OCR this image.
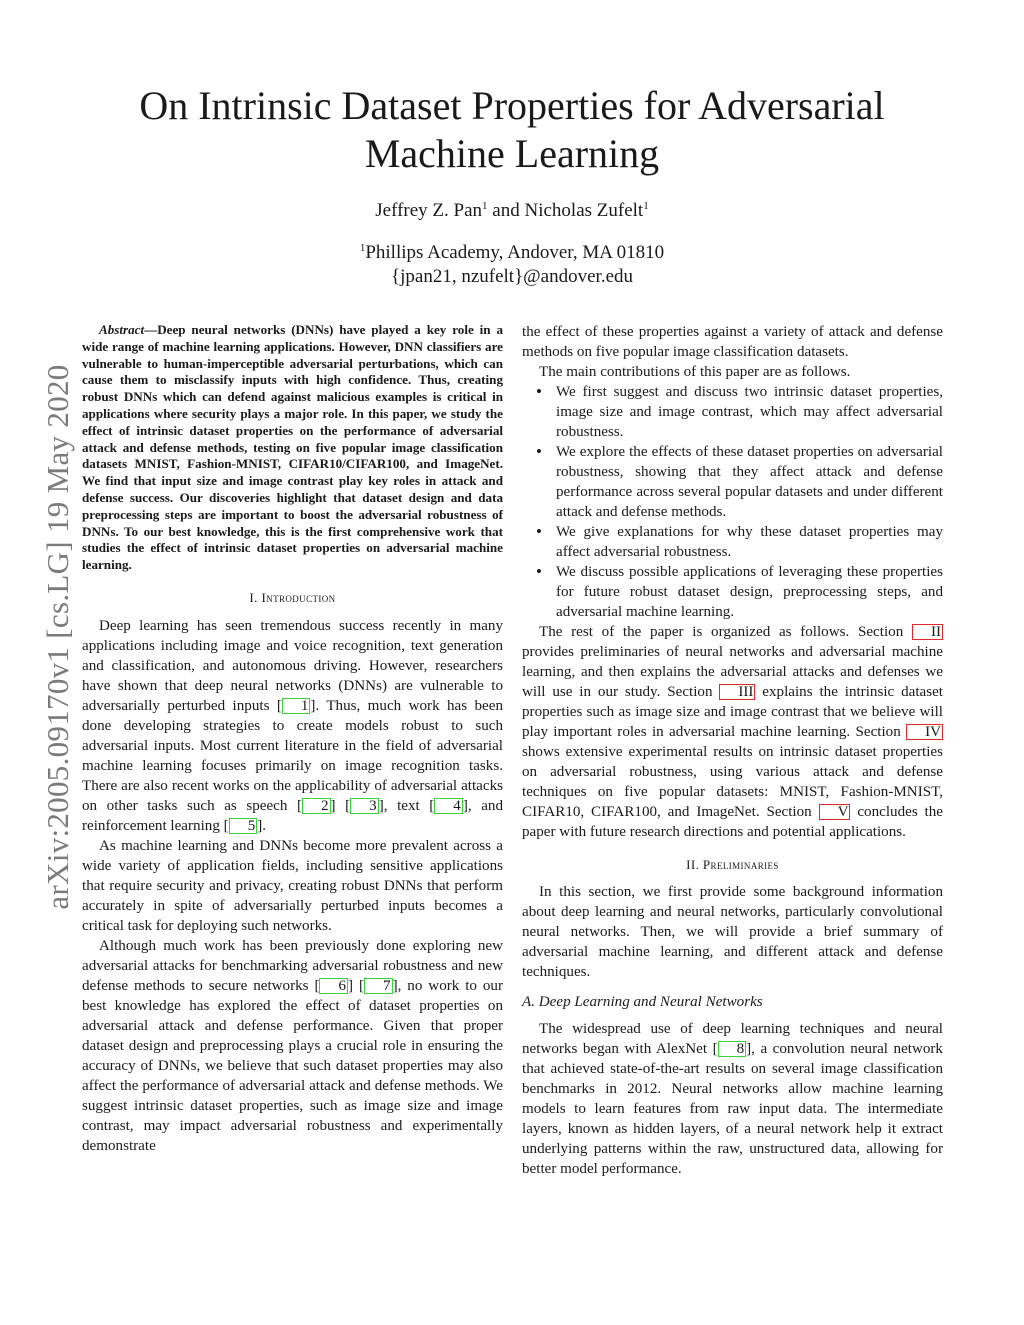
arXiv:2005.09170v1 [cs.LG] 19 May 2020
On Intrinsic Dataset Properties for Adversarial Machine Learning
Jeffrey Z. Pan$^1$ and Nicholas Zufelt$^1$
$^1$Phillips Academy, Andover, MA 01810
{jpan21, nzufelt}@andover.edu

Abstract—Deep neural networks (DNNs) have played a key role in a wide range of machine learning applications. However, DNN classifiers are vulnerable to human-imperceptible adversarial perturbations, which can cause them to misclassify inputs with high confidence. Thus, creating robust DNNs which can defend against malicious examples is critical in applications where security plays a major role. In this paper, we study the effect of intrinsic dataset properties on the performance of adversarial attack and defense methods, testing on five popular image classification datasets MNIST, Fashion-MNIST, CIFAR10/CIFAR100, and ImageNet. We find that input size and image contrast play key roles in attack and defense success. Our discoveries highlight that dataset design and data preprocessing steps are important to boost the adversarial robustness of DNNs. To our best knowledge, this is the first comprehensive work that studies the effect of intrinsic dataset properties on adversarial machine learning.

I. Introduction

Deep learning has seen tremendous success recently in many applications including image and voice recognition, text generation and classification, and autonomous driving. However, researchers have shown that deep neural networks (DNNs) are vulnerable to adversarially perturbed inputs [ 1 ]. Thus, much work has been done developing strategies to create models robust to such adversarial inputs. Most current literature in the field of adversarial machine learning focuses primarily on image recognition tasks. There are also recent works on the applicability of adversarial attacks on other tasks such as speech [ 2 ] [ 3 ], text [ 4 ], and reinforcement learning [ 5 ].

As machine learning and DNNs become more prevalent across a wide variety of application fields, including sensitive applications that require security and privacy, creating robust DNNs that perform accurately in spite of adversarially perturbed inputs becomes a critical task for deploying such networks.

Although much work has been previously done exploring new adversarial attacks for benchmarking adversarial robustness and new defense methods to secure networks [ 6 ] [ 7 ], no work to our best knowledge has explored the effect of dataset properties on adversarial attack and defense performance. Given that proper dataset design and preprocessing plays a crucial role in ensuring the accuracy of DNNs, we believe that such dataset properties may also affect the performance of adversarial attack and defense methods. We suggest intrinsic dataset properties, such as image size and image contrast, may impact adversarial robustness and experimentally demonstrate

the effect of these properties against a variety of attack and defense methods on five popular image classification datasets.

The main contributions of this paper are as follows.

• We first suggest and discuss two intrinsic dataset properties, image size and image contrast, which may affect adversarial robustness.
• We explore the effects of these dataset properties on adversarial robustness, showing that they affect attack and defense performance across several popular datasets and under different attack and defense methods.
• We give explanations for why these dataset properties may affect adversarial robustness.
• We discuss possible applications of leveraging these properties for future robust dataset design, preprocessing steps, and adversarial machine learning.

The rest of the paper is organized as follows. Section II provides preliminaries of neural networks and adversarial machine learning, and then explains the adversarial attacks and defenses we will use in our study. Section III explains the intrinsic dataset properties such as image size and image contrast that we believe will play important roles in adversarial machine learning. Section IV shows extensive experimental results on intrinsic dataset properties on adversarial robustness, using various attack and defense techniques on five popular datasets: MNIST, Fashion-MNIST, CIFAR10, CIFAR100, and ImageNet. Section V concludes the paper with future research directions and potential applications.

II. Preliminaries

In this section, we first provide some background information about deep learning and neural networks, particularly convolutional neural networks. Then, we will provide a brief summary of adversarial machine learning, and different attack and defense techniques.

A. Deep Learning and Neural Networks

The widespread use of deep learning techniques and neural networks began with AlexNet [ 8 ], a convolution neural network that achieved state-of-the-art results on several image classification benchmarks in 2012. Neural networks allow machine learning models to learn features from raw input data. The intermediate layers, known as hidden layers, of a neural network help it extract underlying patterns within the raw, unstructured data, allowing for better model performance.
